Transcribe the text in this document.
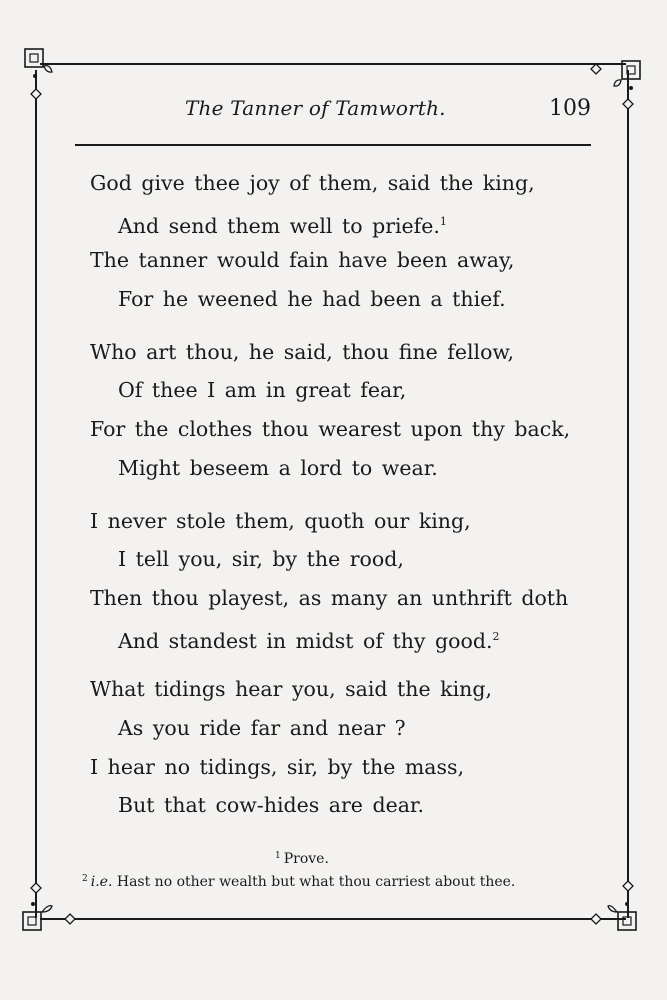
The Tanner of Tamworth.	109
God give thee joy of them, said the king,
And send them well to priefe.$^1$
The tanner would fain have been away,
For he weened he had been a thief.
Who art thou, he said, thou fine fellow,
Of thee I am in great fear,
For the clothes thou wearest upon thy back,
Might beseem a lord to wear.
I never stole them, quoth our king,
I tell you, sir, by the rood,
Then thou playest, as many an unthrift doth
And standest in midst of thy good.$^2$
What tidings hear you, said the king,
As you ride far and near ?
I hear no tidings, sir, by the mass,
But that cow-hides are dear.
$^1$ Prove.
$^2$ i.e. Hast no other wealth but what thou carriest about thee.
